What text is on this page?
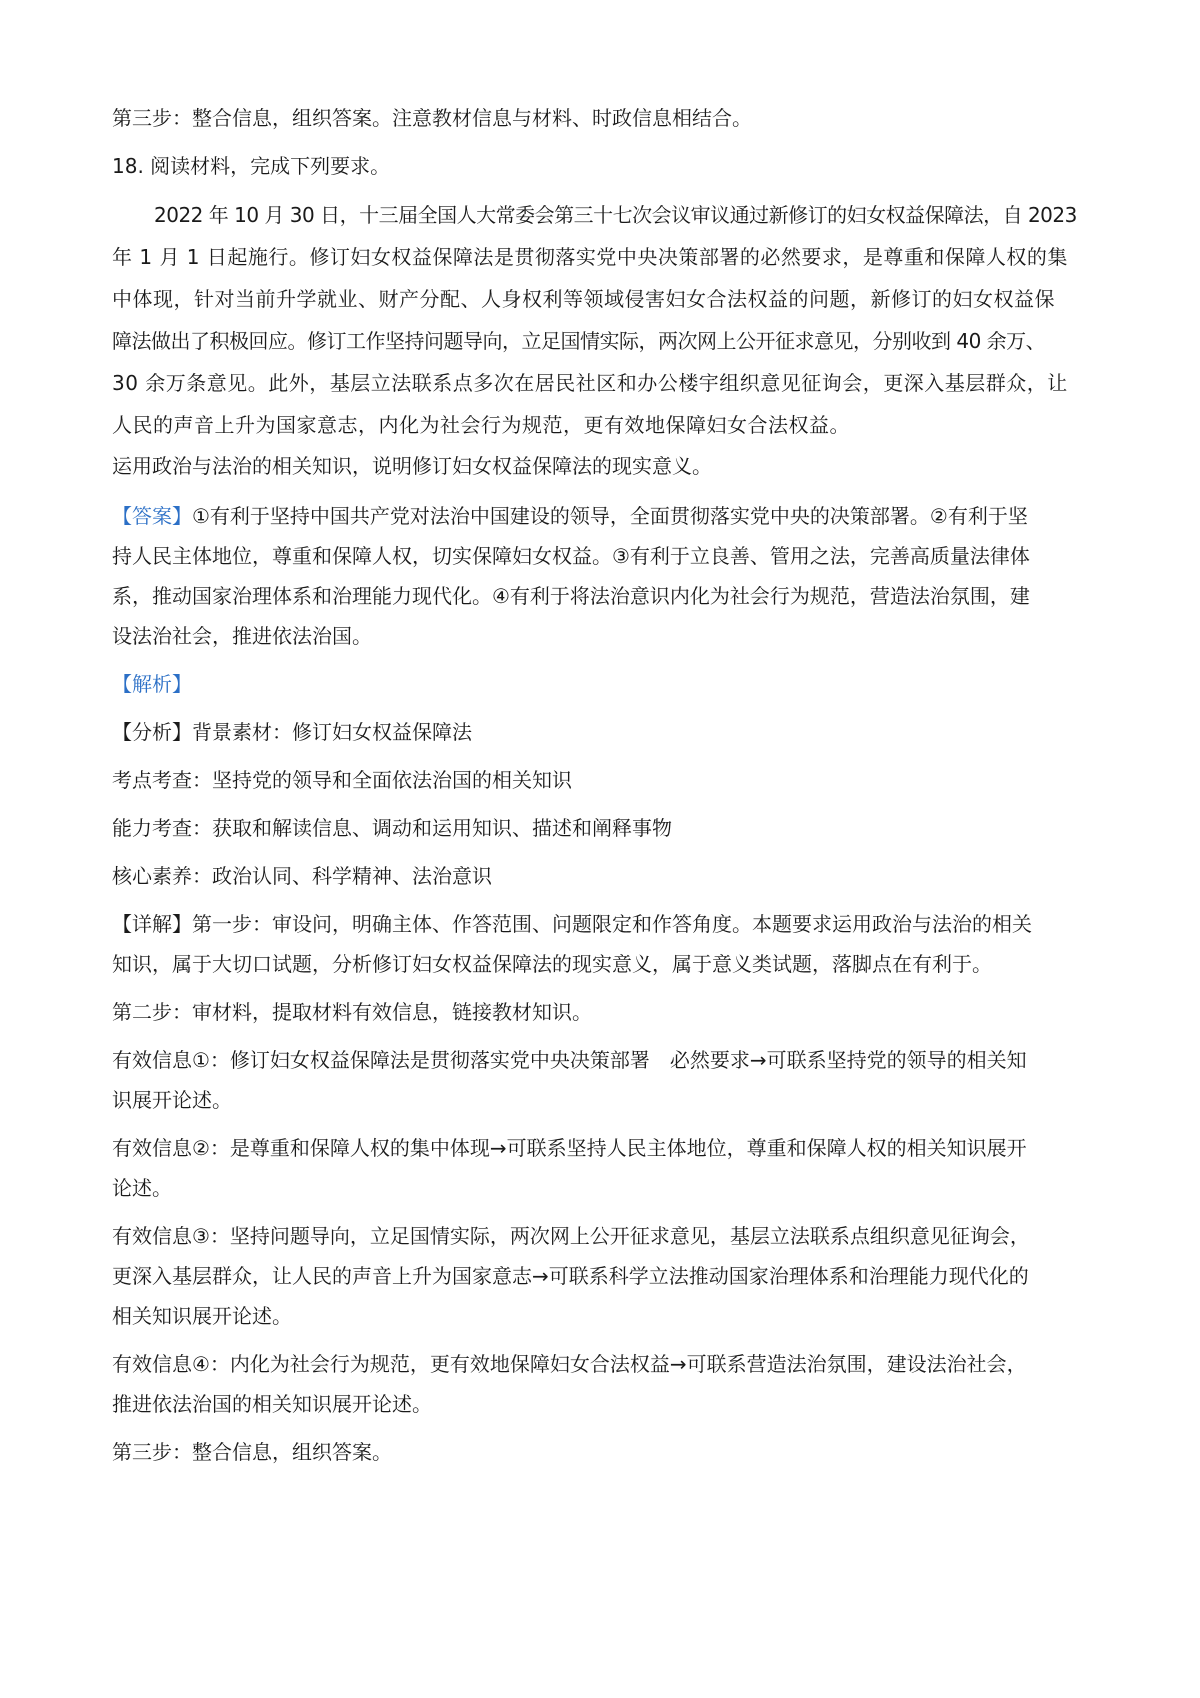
第三步：整合信息，组织答案。注意教材信息与材料、时政信息相结合。
18. 阅读材料，完成下列要求。
2022 年 10 月 30 日，十三届全国人大常委会第三十七次会议审议通过新修订的妇女权益保障法，自 2023
年 1 月 1 日起施行。修订妇女权益保障法是贯彻落实党中央决策部署的必然要求，是尊重和保障人权的集
中体现，针对当前升学就业、财产分配、人身权利等领域侵害妇女合法权益的问题，新修订的妇女权益保
障法做出了积极回应。修订工作坚持问题导向，立足国情实际，两次网上公开征求意见，分别收到 40 余万、
30 余万条意见。此外，基层立法联系点多次在居民社区和办公楼宇组织意见征询会，更深入基层群众，让
人民的声音上升为国家意志，内化为社会行为规范，更有效地保障妇女合法权益。
运用政治与法治的相关知识，说明修订妇女权益保障法的现实意义。
【答案】①有利于坚持中国共产党对法治中国建设的领导，全面贯彻落实党中央的决策部署。②有利于坚
持人民主体地位，尊重和保障人权，切实保障妇女权益。③有利于立良善、管用之法，完善高质量法律体
系，推动国家治理体系和治理能力现代化。④有利于将法治意识内化为社会行为规范，营造法治氛围，建
设法治社会，推进依法治国。
【解析】
【分析】背景素材：修订妇女权益保障法
考点考查：坚持党的领导和全面依法治国的相关知识
能力考查：获取和解读信息、调动和运用知识、描述和阐释事物
核心素养：政治认同、科学精神、法治意识
【详解】第一步：审设问，明确主体、作答范围、问题限定和作答角度。本题要求运用政治与法治的相关
知识，属于大切口试题，分析修订妇女权益保障法的现实意义，属于意义类试题，落脚点在有利于。
第二步：审材料，提取材料有效信息，链接教材知识。
有效信息①：修订妇女权益保障法是贯彻落实党中央决策部署　必然要求→可联系坚持党的领导的相关知
识展开论述。
有效信息②：是尊重和保障人权的集中体现→可联系坚持人民主体地位，尊重和保障人权的相关知识展开
论述。
有效信息③：坚持问题导向，立足国情实际，两次网上公开征求意见，基层立法联系点组织意见征询会，
更深入基层群众，让人民的声音上升为国家意志→可联系科学立法推动国家治理体系和治理能力现代化的
相关知识展开论述。
有效信息④：内化为社会行为规范，更有效地保障妇女合法权益→可联系营造法治氛围，建设法治社会，
推进依法治国的相关知识展开论述。
第三步：整合信息，组织答案。
